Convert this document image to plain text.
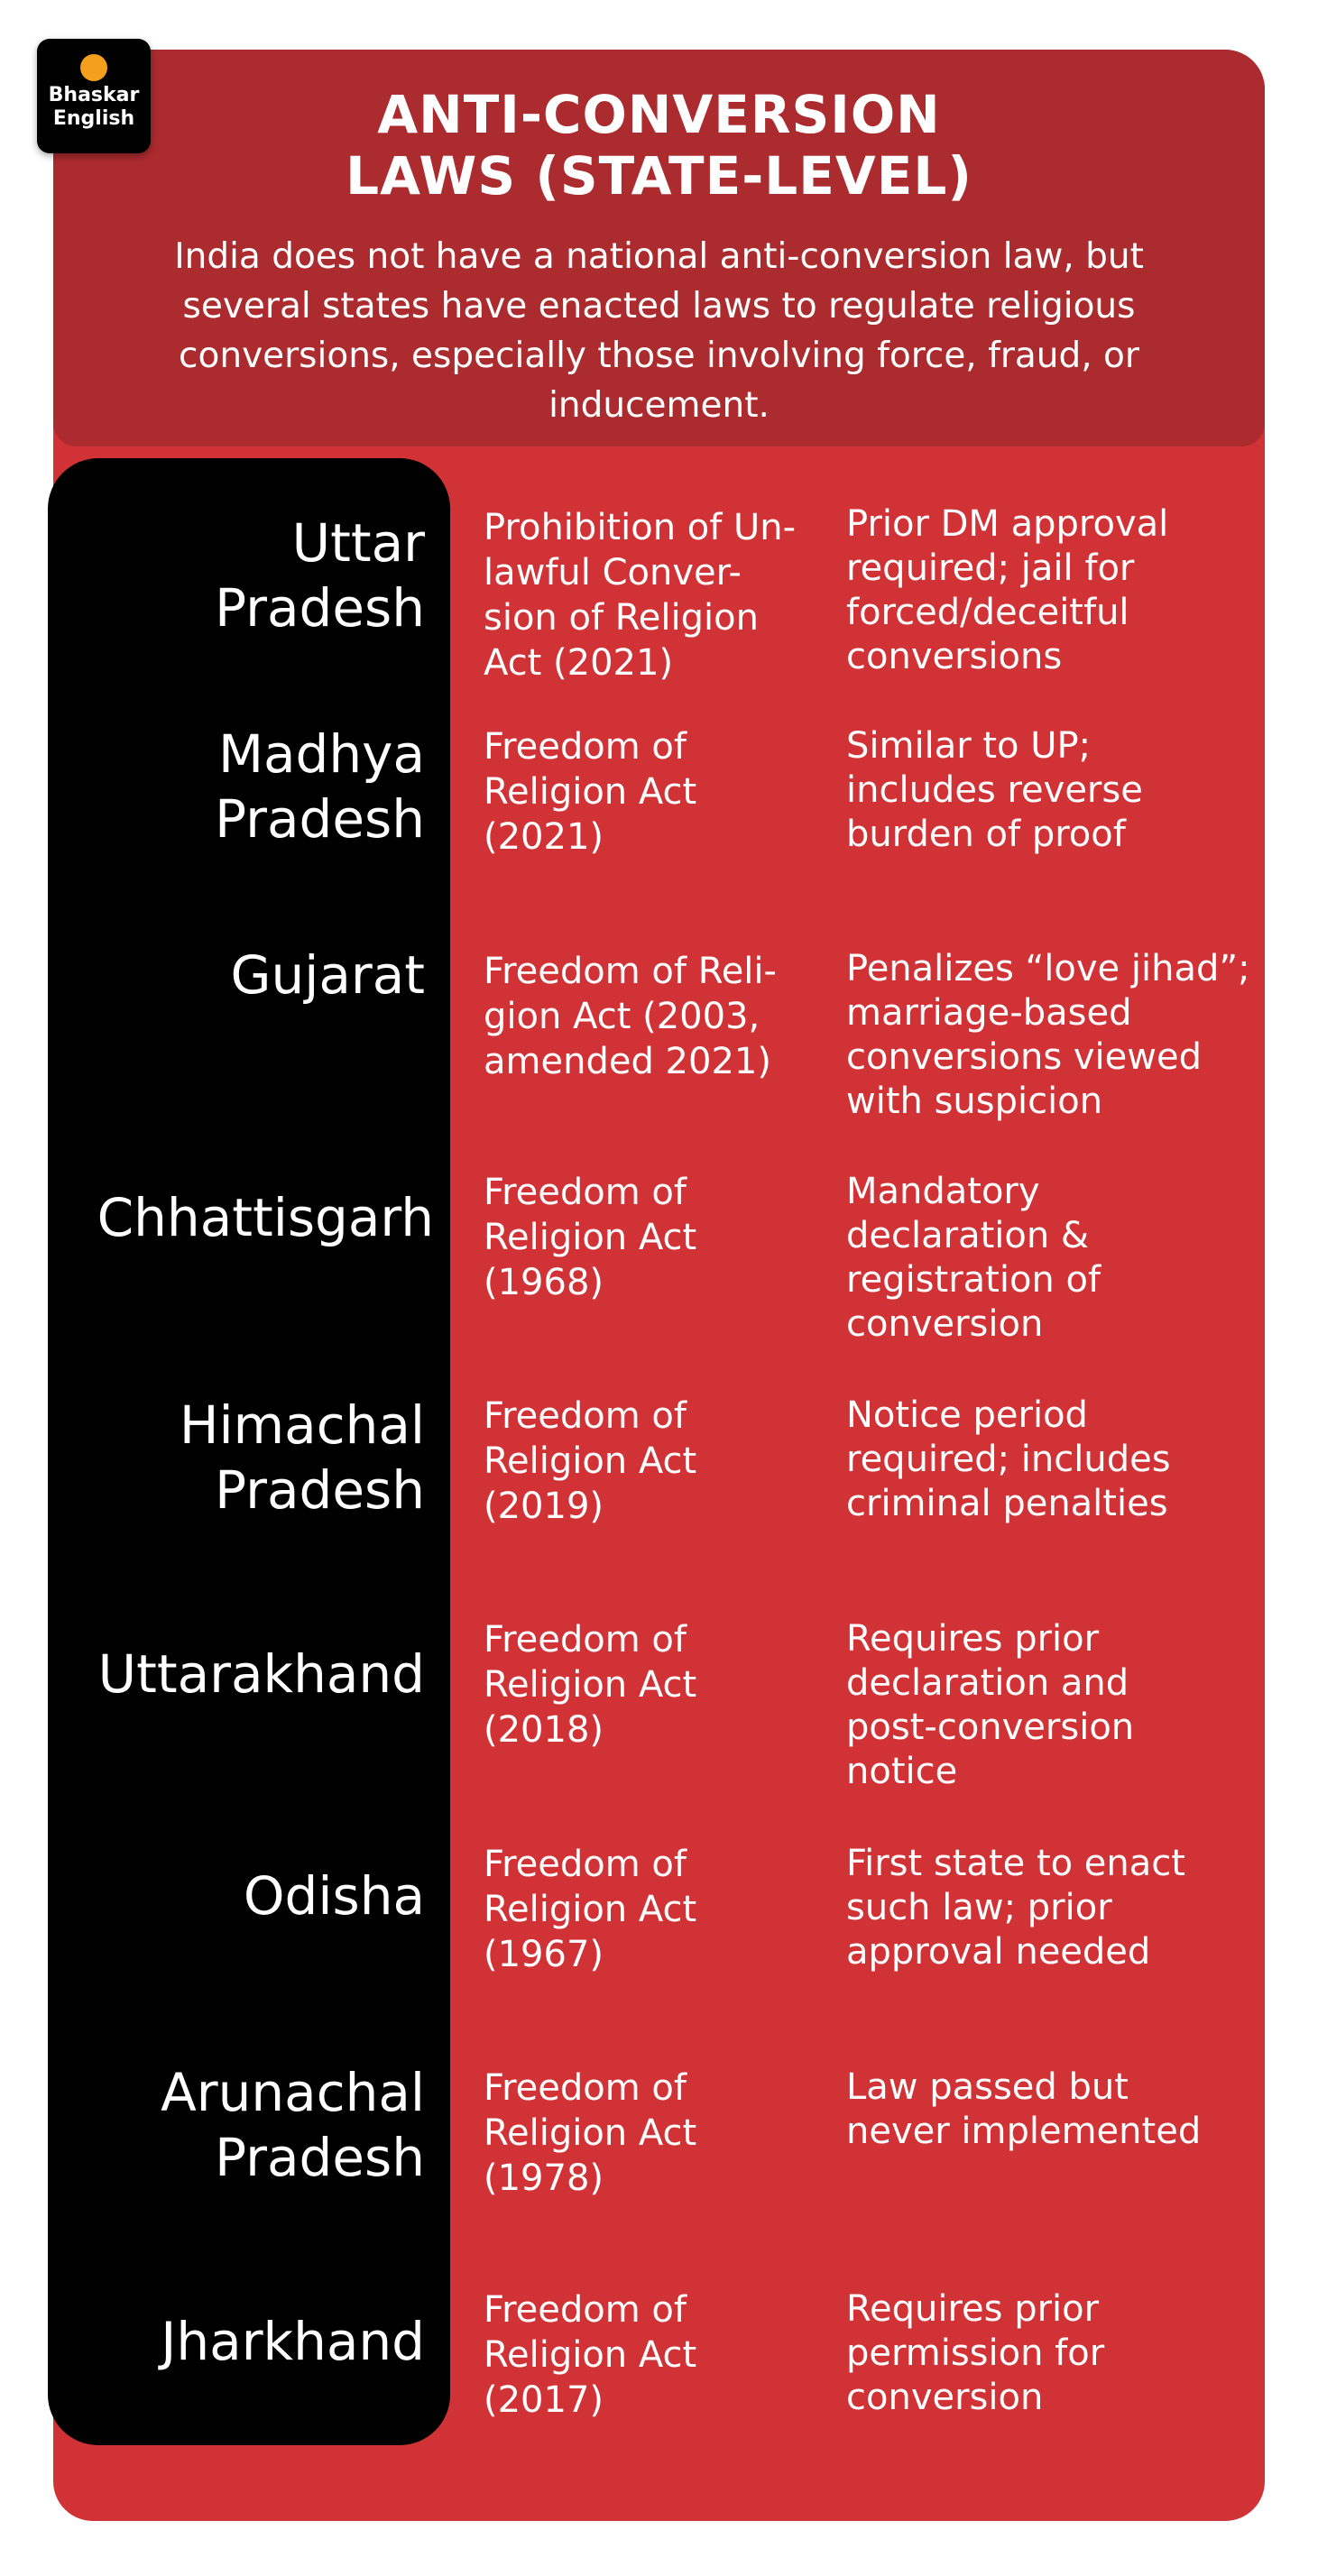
ANTI-CONVERSION
LAWS (STATE-LEVEL)
India does not have a national anti-conversion law, but several states have enacted laws to regulate religious conversions, especially those involving force, fraud, or inducement.
Bhaskar
English
Uttar
Pradesh
Prohibition of Un-
lawful Conver-
sion of Religion
Act (2021)
Prior DM approval
required; jail for
forced/deceitful
conversions
Madhya
Pradesh
Freedom of
Religion Act
(2021)
Similar to UP;
includes reverse
burden of proof
Gujarat Freedom of Reli-
gion Act (2003,
amended 2021)
Penalizes “love jihad”;
marriage-based
conversions viewed
with suspicion
Chhattisgarh Freedom of
Religion Act
(1968)
Mandatory
declaration &
registration of
conversion
Himachal
Pradesh
Freedom of
Religion Act
(2019)
Notice period
required; includes
criminal penalties
Uttarakhand
Freedom of
Religion Act
(2018)
Requires prior
declaration and
post-conversion
notice
Odisha
Freedom of
Religion Act
(1967)
First state to enact
such law; prior
approval needed
Arunachal
Pradesh
Freedom of
Religion Act
(1978)
Law passed but
never implemented
Jharkhand
Freedom of
Religion Act
(2017)
Requires prior
permission for
conversion
